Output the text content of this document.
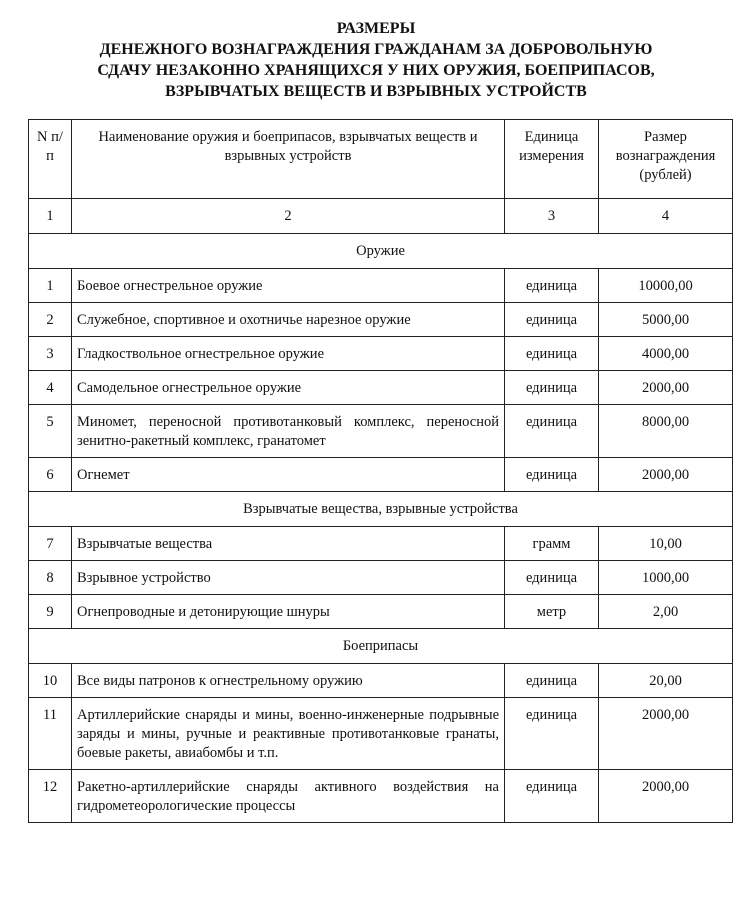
РАЗМЕРЫ
ДЕНЕЖНОГО ВОЗНАГРАЖДЕНИЯ ГРАЖДАНАМ ЗА ДОБРОВОЛЬНУЮ
СДАЧУ НЕЗАКОННО ХРАНЯЩИХСЯ У НИХ ОРУЖИЯ, БОЕПРИПАСОВ,
ВЗРЫВЧАТЫХ ВЕЩЕСТВ И ВЗРЫВНЫХ УСТРОЙСТВ
N п/п	Наименование оружия и боеприпасов, взрывчатых веществ и взрывных устройств	Единица измерения	Размер вознаграждения (рублей)
1	2	3	4
Оружие			
1	Боевое огнестрельное оружие	единица	10000,00
2	Служебное, спортивное и охотничье нарезное оружие	единица	5000,00
3	Гладкоствольное огнестрельное оружие	единица	4000,00
4	Самодельное огнестрельное оружие	единица	2000,00
5	Миномет, переносной противотанковый комплекс, переносной зенитно-ракетный комплекс, гранатомет	единица	8000,00
6	Огнемет	единица	2000,00
Взрывчатые вещества, взрывные устройства			
7	Взрывчатые вещества	грамм	10,00
8	Взрывное устройство	единица	1000,00
9	Огнепроводные и детонирующие шнуры	метр	2,00
Боеприпасы			
10	Все виды патронов к огнестрельному оружию	единица	20,00
11	Артиллерийские снаряды и мины, военно-инженерные подрывные заряды и мины, ручные и реактивные противотанковые гранаты, боевые ракеты, авиабомбы и т.п.	единица	2000,00
12	Ракетно-артиллерийские снаряды активного воздействия на гидрометеорологические процессы	единица	2000,00
